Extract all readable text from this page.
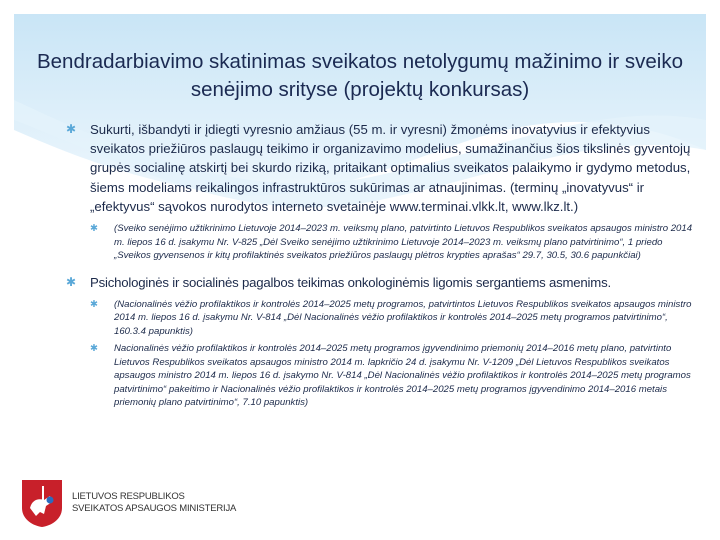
Bendradarbiavimo skatinimas sveikatos netolygumų mažinimo ir sveiko senėjimo srityse (projektų konkursas)
✱ Sukurti, išbandyti ir įdiegti vyresnio amžiaus (55 m. ir vyresni) žmonėms inovatyvius ir efektyvius sveikatos priežiūros paslaugų teikimo ir organizavimo modelius, sumažinančius šios tikslinės gyventojų grupės socialinę atskirtį bei skurdo riziką, pritaikant optimalius sveikatos palaikymo ir gydymo metodus, šiems modeliams reikalingos infrastruktūros sukūrimas ar atnaujinimas. (terminų „inovatyvus“ ir „efektyvus“ sąvokos nurodytos interneto svetainėje www.terminai.vlkk.lt, www.lkz.lt.)
✱ (Sveiko senėjimo užtikrinimo Lietuvoje 2014–2023 m. veiksmų plano, patvirtinto Lietuvos Respublikos sveikatos apsaugos ministro 2014 m. liepos 16 d. įsakymu Nr. V-825 „Dėl Sveiko senėjimo užtikrinimo Lietuvoje 2014–2023 m. veiksmų plano patvirtinimo“, 1 priedo „Sveikos gyvensenos ir kitų profilaktinės sveikatos priežiūros paslaugų plėtros krypties aprašas“ 29.7, 30.5, 30.6 papunkčiai)
✱ Psichologinės ir socialinės pagalbos teikimas onkologinėmis ligomis sergantiems asmenims.
✱ (Nacionalinės vėžio profilaktikos ir kontrolės 2014–2025 metų programos, patvirtintos Lietuvos Respublikos sveikatos apsaugos ministro 2014 m. liepos 16 d. įsakymu Nr. V-814 „Dėl Nacionalinės vėžio profilaktikos ir kontrolės 2014–2025 metų programos patvirtinimo“, 160.3.4 papunktis)
✱ Nacionalinės vėžio profilaktikos ir kontrolės 2014–2025 metų programos įgyvendinimo priemonių 2014–2016 metų plano, patvirtinto Lietuvos Respublikos sveikatos apsaugos ministro 2014 m. lapkričio 24 d. įsakymu Nr. V-1209 „Dėl Lietuvos Respublikos sveikatos apsaugos ministro 2014 m. liepos 16 d. įsakymo Nr. V-814 „Dėl Nacionalinės vėžio profilaktikos ir kontrolės 2014–2025 metų programos patvirtinimo“ pakeitimo ir Nacionalinės vėžio profilaktikos ir kontrolės 2014–2025 metų programos įgyvendinimo 2014–2016 metais priemonių plano patvirtinimo“, 7.10 papunktis)
LIETUVOS RESPUBLIKOS
SVEIKATOS APSAUGOS MINISTERIJA
